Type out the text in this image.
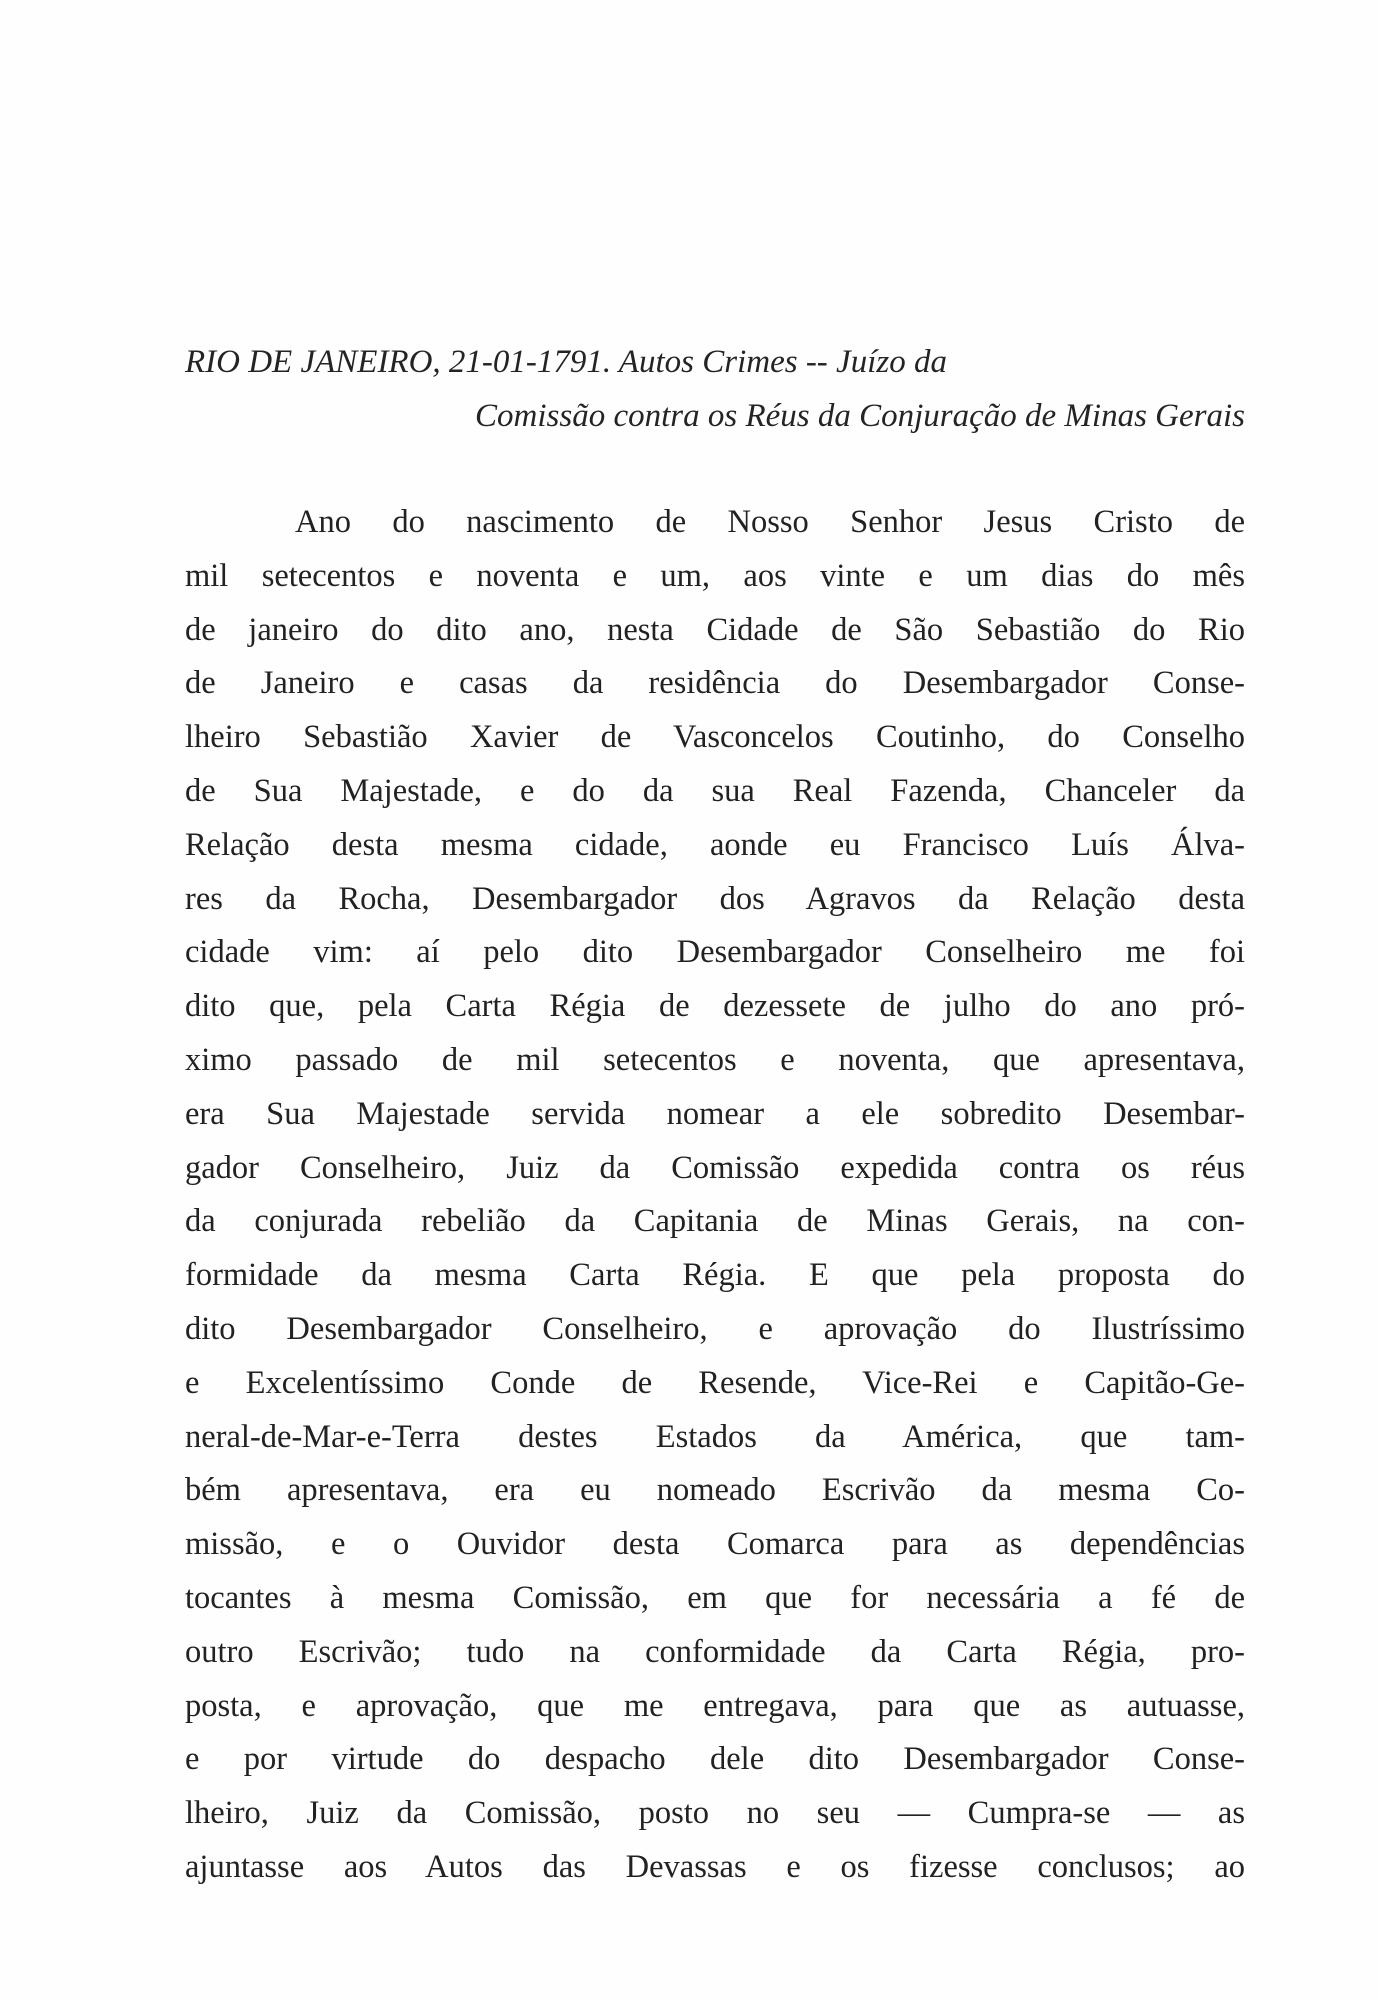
RIO DE JANEIRO, 21-01-1791. Autos Crimes -- Juízo da
Comissão contra os Réus da Conjuração de Minas Gerais
Ano do nascimento de Nosso Senhor Jesus Cristo de
mil setecentos e noventa e um, aos vinte e um dias do mês
de janeiro do dito ano, nesta Cidade de São Sebastião do Rio
de Janeiro e casas da residência do Desembargador Conse-
lheiro Sebastião Xavier de Vasconcelos Coutinho, do Conselho
de Sua Majestade, e do da sua Real Fazenda, Chanceler da
Relação desta mesma cidade, aonde eu Francisco Luís Álva-
res da Rocha, Desembargador dos Agravos da Relação desta
cidade vim: aí pelo dito Desembargador Conselheiro me foi
dito que, pela Carta Régia de dezessete de julho do ano pró-
ximo passado de mil setecentos e noventa, que apresentava,
era Sua Majestade servida nomear a ele sobredito Desembar-
gador Conselheiro, Juiz da Comissão expedida contra os réus
da conjurada rebelião da Capitania de Minas Gerais, na con-
formidade da mesma Carta Régia. E que pela proposta do
dito Desembargador Conselheiro, e aprovação do Ilustríssimo
e Excelentíssimo Conde de Resende, Vice-Rei e Capitão-Ge-
neral-de-Mar-e-Terra destes Estados da América, que tam-
bém apresentava, era eu nomeado Escrivão da mesma Co-
missão, e o Ouvidor desta Comarca para as dependências
tocantes à mesma Comissão, em que for necessária a fé de
outro Escrivão; tudo na conformidade da Carta Régia, pro-
posta, e aprovação, que me entregava, para que as autuasse,
e por virtude do despacho dele dito Desembargador Conse-
lheiro, Juiz da Comissão, posto no seu — Cumpra-se — as
ajuntasse aos Autos das Devassas e os fizesse conclusos; ao
